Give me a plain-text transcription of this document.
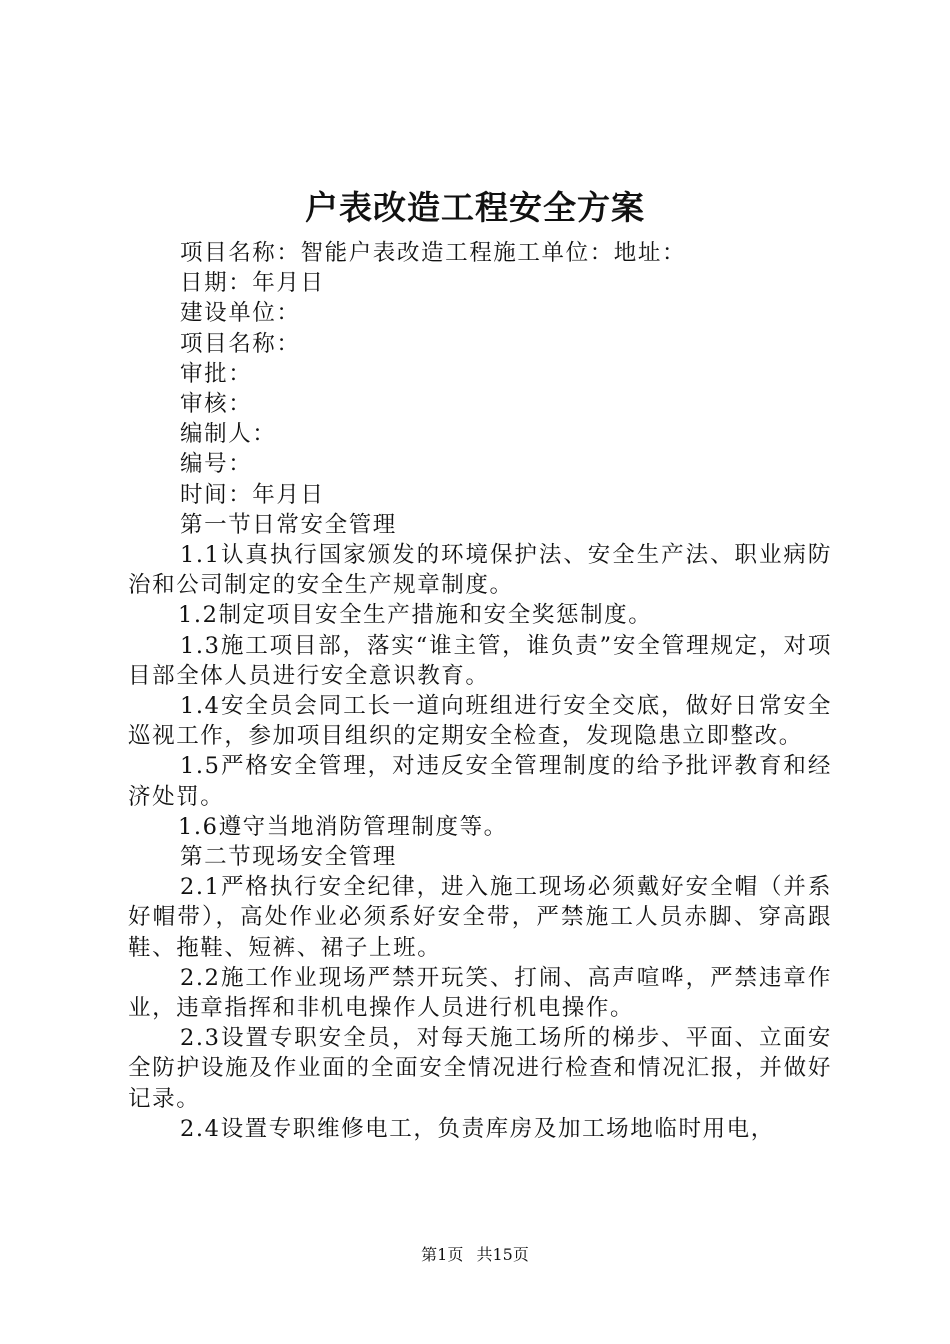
户表改造工程安全方案
项目名称：智能户表改造工程施工单位：地址：
日期：年月日
建设单位：
项目名称：
审批：
审核：
编制人：
编号：
时间：年月日
第一节日常安全管理

1.1认真执行国家颁发的环境保护法、安全生产法、职业病防治和公司制定的安全生产规章制度。

1.2制定项目安全生产措施和安全奖惩制度。

1.3施工项目部，落实“谁主管，谁负责”安全管理规定，对项目部全体人员进行安全意识教育。

1.4安全员会同工长一道向班组进行安全交底，做好日常安全巡视工作，参加项目组织的定期安全检查，发现隐患立即整改。

1.5严格安全管理，对违反安全管理制度的给予批评教育和经济处罚。

1.6遵守当地消防管理制度等。

第二节现场安全管理

2.1严格执行安全纪律，进入施工现场必须戴好安全帽（并系好帽带），高处作业必须系好安全带，严禁施工人员赤脚、穿高跟鞋、拖鞋、短裤、裙子上班。

2.2施工作业现场严禁开玩笑、打闹、高声喧哗，严禁违章作业，违章指挥和非机电操作人员进行机电操作。

2.3设置专职安全员，对每天施工场所的梯步、平面、立面安全防护设施及作业面的全面安全情况进行检查和情况汇报，并做好记录。

2.4设置专职维修电工，负责库房及加工场地临时用电，

第1页 共15页
